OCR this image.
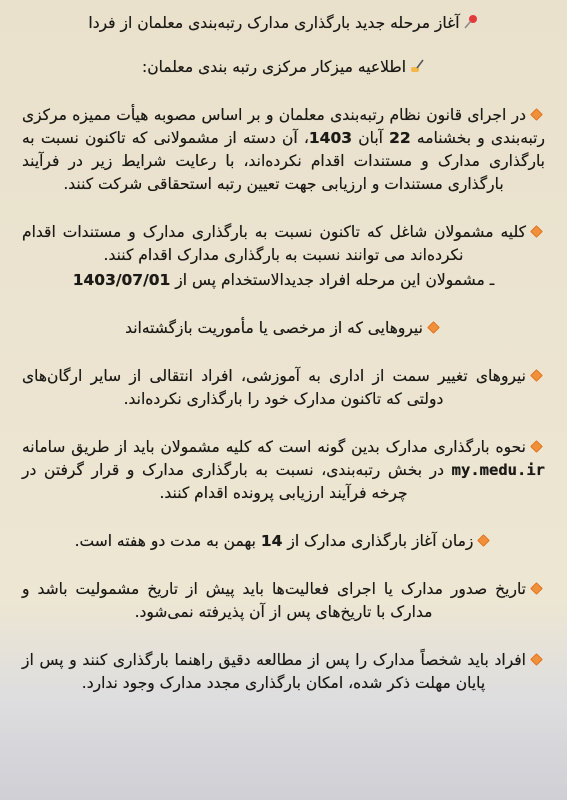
آغاز مرحله جدید بارگذاری مدارک رتبه‌بندی معلمان از فردا

اطلاعیه میزکار مرکزی رتبه بندی معلمان:

در اجرای قانون نظام رتبه‌بندی معلمان و بر اساس مصوبه هیأت ممیزه مرکزی رتبه‌بندی و بخشنامه 22 آبان 1403، آن دسته از مشمولانی که تاکنون نسبت به بارگذاری مدارک و مستندات اقدام نکرده‌اند، با رعایت شرایط زیر در فرآیند بارگذاری مستندات و ارزیابی جهت تعیین رتبه استحقاقی شرکت کنند.

کلیه مشمولان شاغل که تاکنون نسبت به بارگذاری مدارک و مستندات اقدام نکرده‌اند می توانند نسبت به بارگذاری مدارک اقدام کنند.

ـ مشمولان این مرحله افراد جدیدالاستخدام پس از 1403/07/01

نیروهایی که از مرخصی یا مأموریت بازگشته‌اند

نیروهای تغییر سمت از اداری به آموزشی، افراد انتقالی از سایر ارگان‌های دولتی که تاکنون مدارک خود را بارگذاری نکرده‌اند.

نحوه بارگذاری مدارک بدین گونه است که کلیه مشمولان باید از طریق سامانه my.medu.ir در بخش رتبه‌بندی، نسبت به بارگذاری مدارک و قرار گرفتن در چرخه فرآیند ارزیابی پرونده اقدام کنند.

زمان آغاز بارگذاری مدارک از 14 بهمن به مدت دو هفته است.

تاریخ صدور مدارک یا اجرای فعالیت‌ها باید پیش از تاریخ مشمولیت باشد و مدارک با تاریخ‌های پس از آن پذیرفته نمی‌شود.

افراد باید شخصاً مدارک را پس از مطالعه دقیق راهنما بارگذاری کنند و پس از پایان مهلت ذکر شده، امکان بارگذاری مجدد مدارک وجود ندارد.
